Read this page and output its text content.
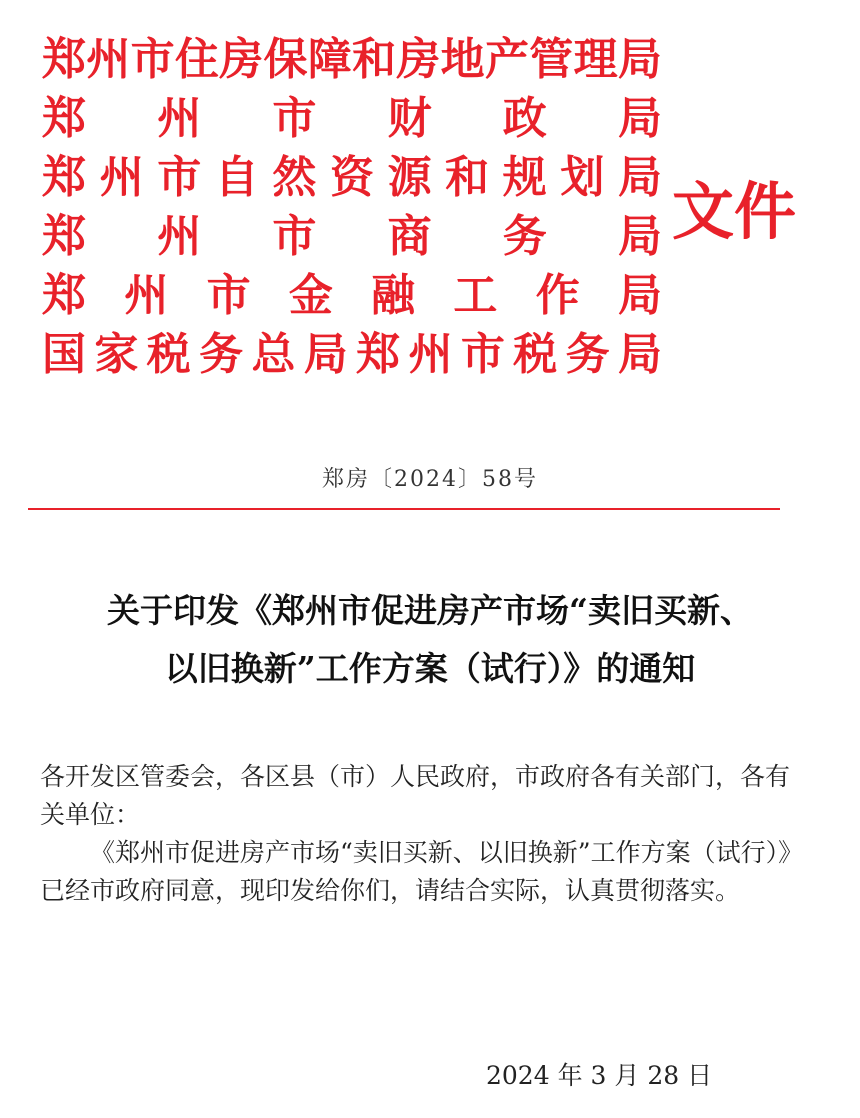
郑 州 市 住 房 保 障 和 房 地 产 管 理 局
郑 州 市 财 政 局
郑 州 市 自 然 资 源 和 规 划 局
郑 州 市 商 务 局
郑 州 市 金 融 工 作 局
国 家 税 务 总 局 郑 州 市 税 务 局
文件
郑房〔2024〕58号
关于印发《郑州市促进房产市场“卖旧买新、
以旧换新”工作方案（试行）》的通知

各开发区管委会，各区县（市）人民政府，市政府各有关部门，各有关单位：

《郑州市促进房产市场“卖旧买新、以旧换新”工作方案（试行）》已经市政府同意，现印发给你们，请结合实际，认真贯彻落实。

2024 年 3 月 28 日
